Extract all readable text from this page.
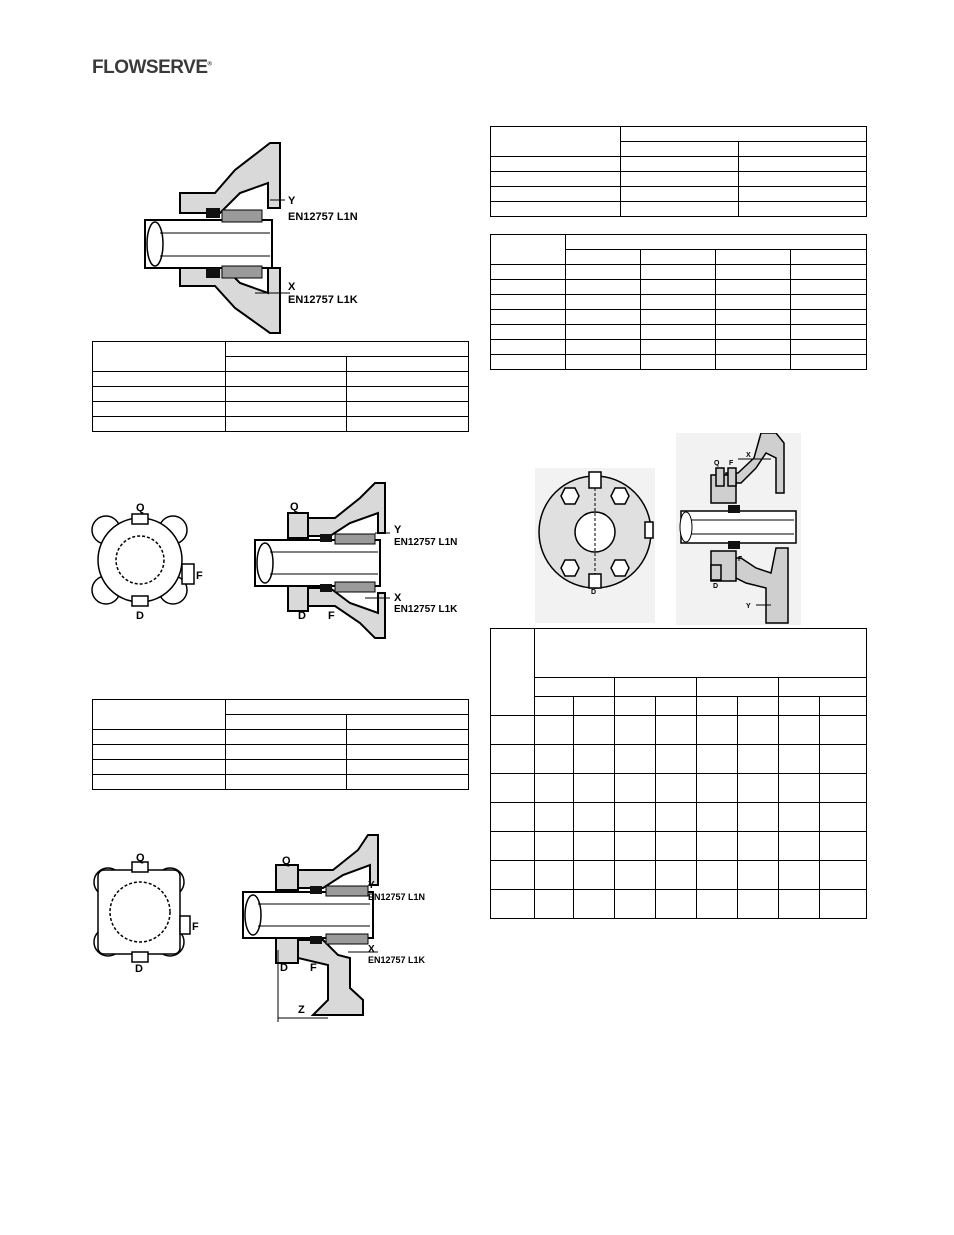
FLOWSERVE®
Y
EN12757 L1N
X
EN12757 L1K

Q
D
F
Q
D F
Y
EN12757 L1N
X
EN12757 L1K

Q
D
F
Q
D F
Z
Y
EN12757 L1N
X
EN12757 L1K

D
X
Q F
F
D
Y
